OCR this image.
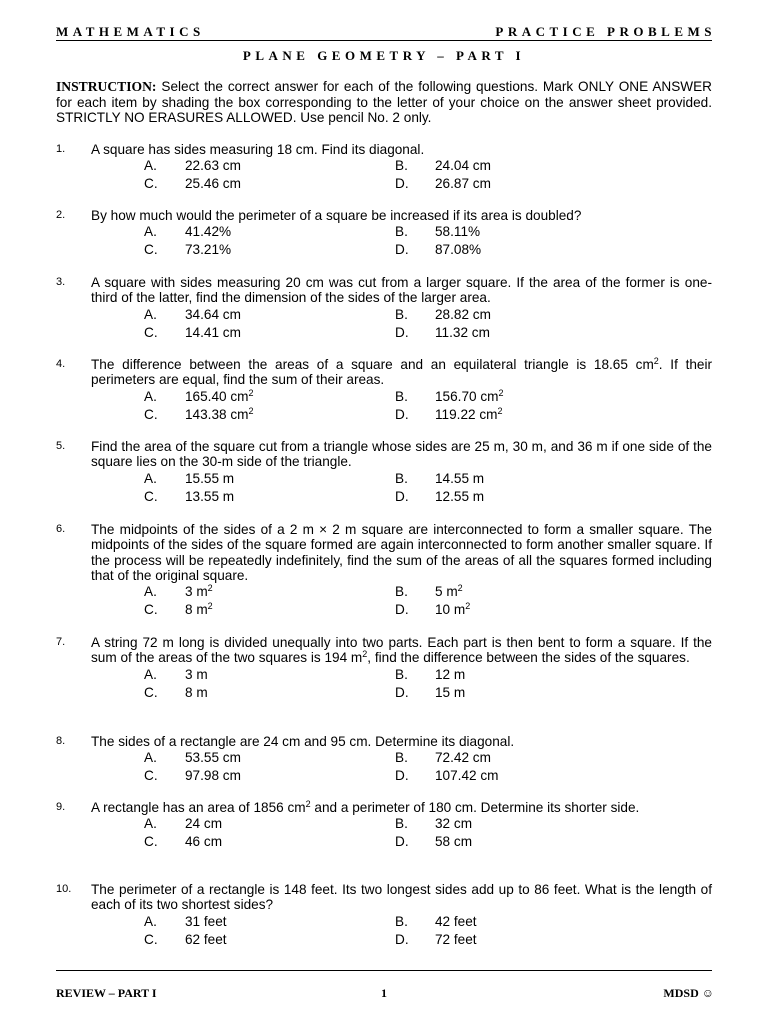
MATHEMATICS	PRACTICE PROBLEMS
PLANE GEOMETRY – PART I
INSTRUCTION: Select the correct answer for each of the following questions. Mark ONLY ONE ANSWER for each item by shading the box corresponding to the letter of your choice on the answer sheet provided. STRICTLY NO ERASURES ALLOWED. Use pencil No. 2 only.
1. A square has sides measuring 18 cm. Find its diagonal.
A. 22.63 cm	B. 24.04 cm
C. 25.46 cm	D. 26.87 cm
2. By how much would the perimeter of a square be increased if its area is doubled?
A. 41.42%	B. 58.11%
C. 73.21%	D. 87.08%
3. A square with sides measuring 20 cm was cut from a larger square. If the area of the former is one-third of the latter, find the dimension of the sides of the larger area.
A. 34.64 cm	B. 28.82 cm
C. 14.41 cm	D. 11.32 cm
4. The difference between the areas of a square and an equilateral triangle is 18.65 $cm^2$. If their perimeters are equal, find the sum of their areas.
A. 165.40 $cm^2$	B. 156.70 $cm^2$
C. 143.38 $cm^2$	D. 119.22 $cm^2$
5. Find the area of the square cut from a triangle whose sides are 25 m, 30 m, and 36 m if one side of the square lies on the 30-m side of the triangle.
A. 15.55 m	B. 14.55 m
C. 13.55 m	D. 12.55 m
6. The midpoints of the sides of a 2 m × 2 m square are interconnected to form a smaller square. The midpoints of the sides of the square formed are again interconnected to form another smaller square. If the process will be repeatedly indefinitely, find the sum of the areas of all the squares formed including that of the original square.
A. 3 $m^2$	B. 5 $m^2$
C. 8 $m^2$	D. 10 $m^2$
7. A string 72 m long is divided unequally into two parts. Each part is then bent to form a square. If the sum of the areas of the two squares is 194 $m^2$, find the difference between the sides of the squares.
A. 3 m	B. 12 m
C. 8 m	D. 15 m
8. The sides of a rectangle are 24 cm and 95 cm. Determine its diagonal.
A. 53.55 cm	B. 72.42 cm
C. 97.98 cm	D. 107.42 cm
9. A rectangle has an area of 1856 $cm^2$ and a perimeter of 180 cm. Determine its shorter side.
A. 24 cm	B. 32 cm
C. 46 cm	D. 58 cm
10. The perimeter of a rectangle is 148 feet. Its two longest sides add up to 86 feet. What is the length of each of its two shortest sides?
A. 31 feet	B. 42 feet
C. 62 feet	D. 72 feet
REVIEW – PART I	1	MDSD ☺
